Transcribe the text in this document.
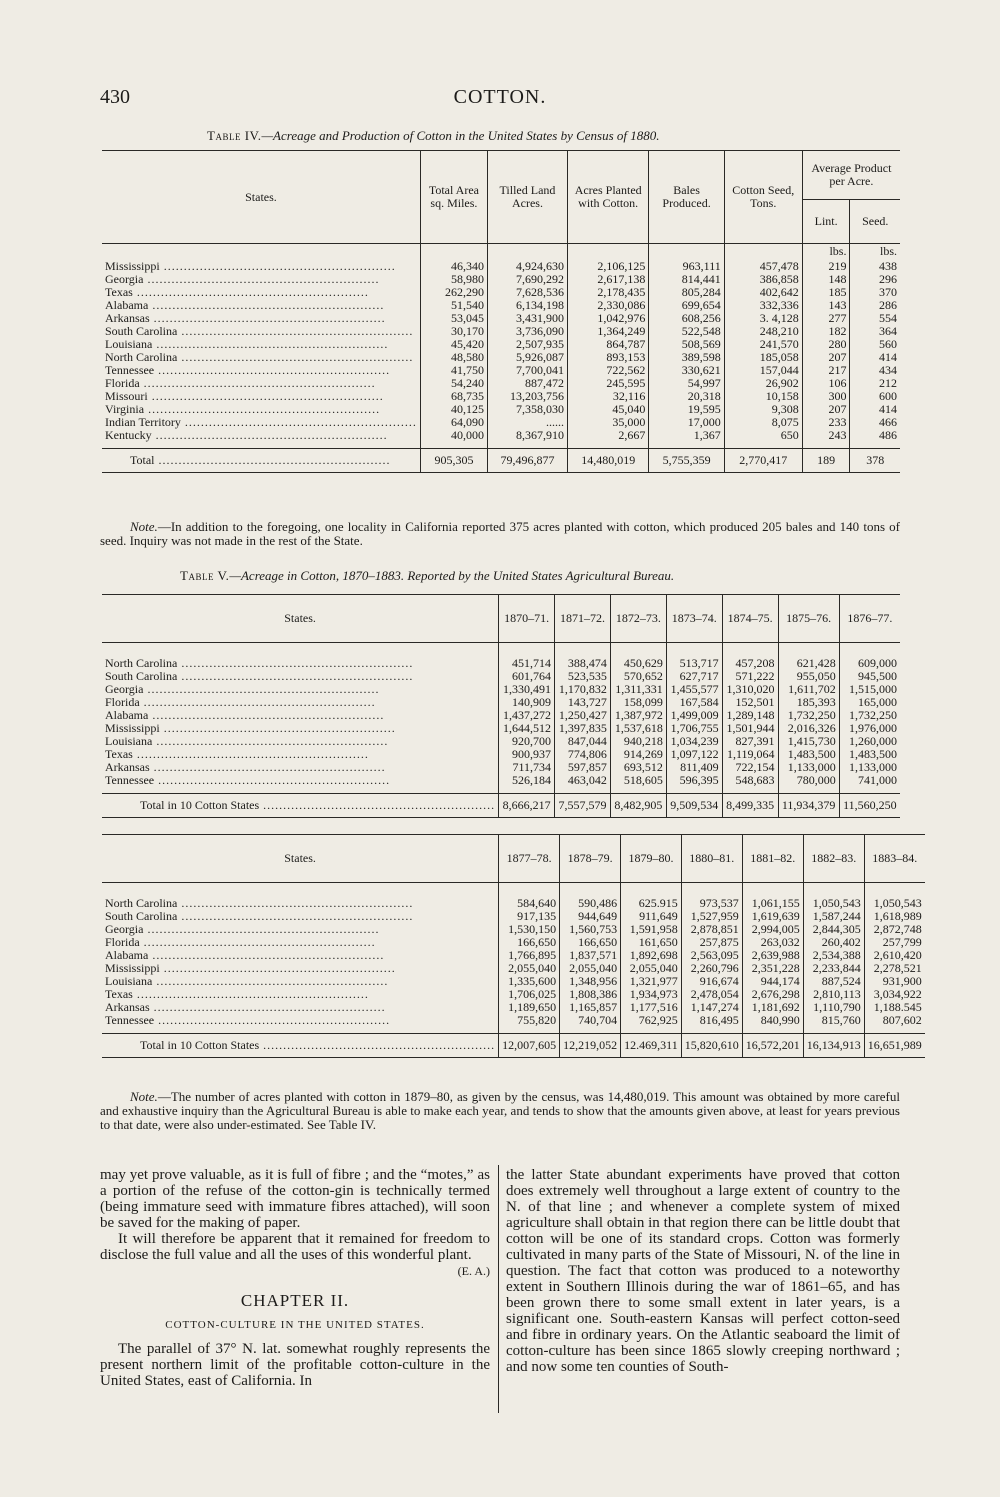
430	COTTON.
Table IV.—Acreage and Production of Cotton in the United States by Census of 1880.
States.	Total Area sq. Miles.	Tilled Land Acres.	Acres Planted with Cotton.	Bales Produced.	Cotton Seed, Tons.	Average Product per Acre.	
						Lint.	Seed.
						lbs.	lbs.
Mississippi ..........................................................	46,340	4,924,630	2,106,125	963,111	457,478	219	438
Georgia ..........................................................	58,980	7,690,292	2,617,138	814,441	386,858	148	296
Texas ..........................................................	262,290	7,628,536	2,178,435	805,284	402,642	185	370
Alabama ..........................................................	51,540	6,134,198	2,330,086	699,654	332,336	143	286
Arkansas ..........................................................	53,045	3,431,900	1,042,976	608,256	3. 4,128	277	554
South Carolina ..........................................................	30,170	3,736,090	1,364,249	522,548	248,210	182	364
Louisiana ..........................................................	45,420	2,507,935	864,787	508,569	241,570	280	560
North Carolina ..........................................................	48,580	5,926,087	893,153	389,598	185,058	207	414
Tennessee ..........................................................	41,750	7,700,041	722,562	330,621	157,044	217	434
Florida ..........................................................	54,240	887,472	245,595	54,997	26,902	106	212
Missouri ..........................................................	68,735	13,203,756	32,116	20,318	10,158	300	600
Virginia ..........................................................	40,125	7,358,030	45,040	19,595	9,308	207	414
Indian Territory ..........................................................	64,090	......	35,000	17,000	8,075	233	466
Kentucky ..........................................................	40,000	8,367,910	2,667	1,367	650	243	486

Total ..........................................................	905,305	79,496,877	14,480,019	5,755,359	2,770,417	189	378
Note.—In addition to the foregoing, one locality in California reported 375 acres planted with cotton, which produced 205 bales and 140 tons of seed. Inquiry was not made in the rest of the State.
Table V.—Acreage in Cotton, 1870–1883. Reported by the United States Agricultural Bureau.
States.	1870–71.	1871–72.	1872–73.	1873–74.	1874–75.	1875–76.	1876–77.

North Carolina ..........................................................	451,714	388,474	450,629	513,717	457,208	621,428	609,000
South Carolina ..........................................................	601,764	523,535	570,652	627,717	571,222	955,050	945,500
Georgia ..........................................................	1,330,491	1,170,832	1,311,331	1,455,577	1,310,020	1,611,702	1,515,000
Florida ..........................................................	140,909	143,727	158,099	167,584	152,501	185,393	165,000
Alabama ..........................................................	1,437,272	1,250,427	1,387,972	1,499,009	1,289,148	1,732,250	1,732,250
Mississippi ..........................................................	1,644,512	1,397,835	1,537,618	1,706,755	1,501,944	2,016,326	1,976,000
Louisiana ..........................................................	920,700	847,044	940,218	1,034,239	827,391	1,415,730	1,260,000
Texas ..........................................................	900,937	774,806	914,269	1,097,122	1,119,064	1,483,500	1,483,500
Arkansas ..........................................................	711,734	597,857	693,512	811,409	722,154	1,133,000	1,133,000
Tennessee ..........................................................	526,184	463,042	518,605	596,395	548,683	780,000	741,000

Total in 10 Cotton States ..........................................................	8,666,217	7,557,579	8,482,905	9,509,534	8,499,335	11,934,379	11,560,250
States.	1877–78.	1878–79.	1879–80.	1880–81.	1881–82.	1882–83.	1883–84.

North Carolina ..........................................................	584,640	590,486	625.915	973,537	1,061,155	1,050,543	1,050,543
South Carolina ..........................................................	917,135	944,649	911,649	1,527,959	1,619,639	1,587,244	1,618,989
Georgia ..........................................................	1,530,150	1,560,753	1,591,958	2,878,851	2,994,005	2,844,305	2,872,748
Florida ..........................................................	166,650	166,650	161,650	257,875	263,032	260,402	257,799
Alabama ..........................................................	1,766,895	1,837,571	1,892,698	2,563,095	2,639,988	2,534,388	2,610,420
Mississippi ..........................................................	2,055,040	2,055,040	2,055,040	2,260,796	2,351,228	2,233,844	2,278,521
Louisiana ..........................................................	1,335,600	1,348,956	1,321,977	916,674	944,174	887,524	931,900
Texas ..........................................................	1,706,025	1,808,386	1,934,973	2,478,054	2,676,298	2,810,113	3,034,922
Arkansas ..........................................................	1,189,650	1,165,857	1,177,516	1,147,274	1,181,692	1,110,790	1,188.545
Tennessee ..........................................................	755,820	740,704	762,925	816,495	840,990	815,760	807,602

Total in 10 Cotton States ..........................................................	12,007,605	12,219,052	12.469,311	15,820,610	16,572,201	16,134,913	16,651,989
Note.—The number of acres planted with cotton in 1879–80, as given by the census, was 14,480,019. This amount was obtained by more careful and exhaustive inquiry than the Agricultural Bureau is able to make each year, and tends to show that the amounts given above, at least for years previous to that date, were also under-estimated. See Table IV.

may yet prove valuable, as it is full of fibre ; and the “motes,” as a portion of the refuse of the cotton-gin is technically termed (being immature seed with immature fibres attached), will soon be saved for the making of paper.

It will therefore be apparent that it remained for freedom to disclose the full value and all the uses of this wonderful plant.

(E. A.)
CHAPTER II.
COTTON-CULTURE IN THE UNITED STATES.

The parallel of 37° N. lat. somewhat roughly represents the present northern limit of the profitable cotton-culture in the United States, east of California. In

the latter State abundant experiments have proved that cotton does extremely well throughout a large extent of country to the N. of that line ; and whenever a complete system of mixed agriculture shall obtain in that region there can be little doubt that cotton will be one of its standard crops. Cotton was formerly cultivated in many parts of the State of Missouri, N. of the line in question. The fact that cotton was produced to a noteworthy extent in Southern Illinois during the war of 1861–65, and has been grown there to some small extent in later years, is a significant one. South-eastern Kansas will perfect cotton-seed and fibre in ordinary years. On the Atlantic seaboard the limit of cotton-culture has been since 1865 slowly creeping northward ; and now some ten counties of South-
